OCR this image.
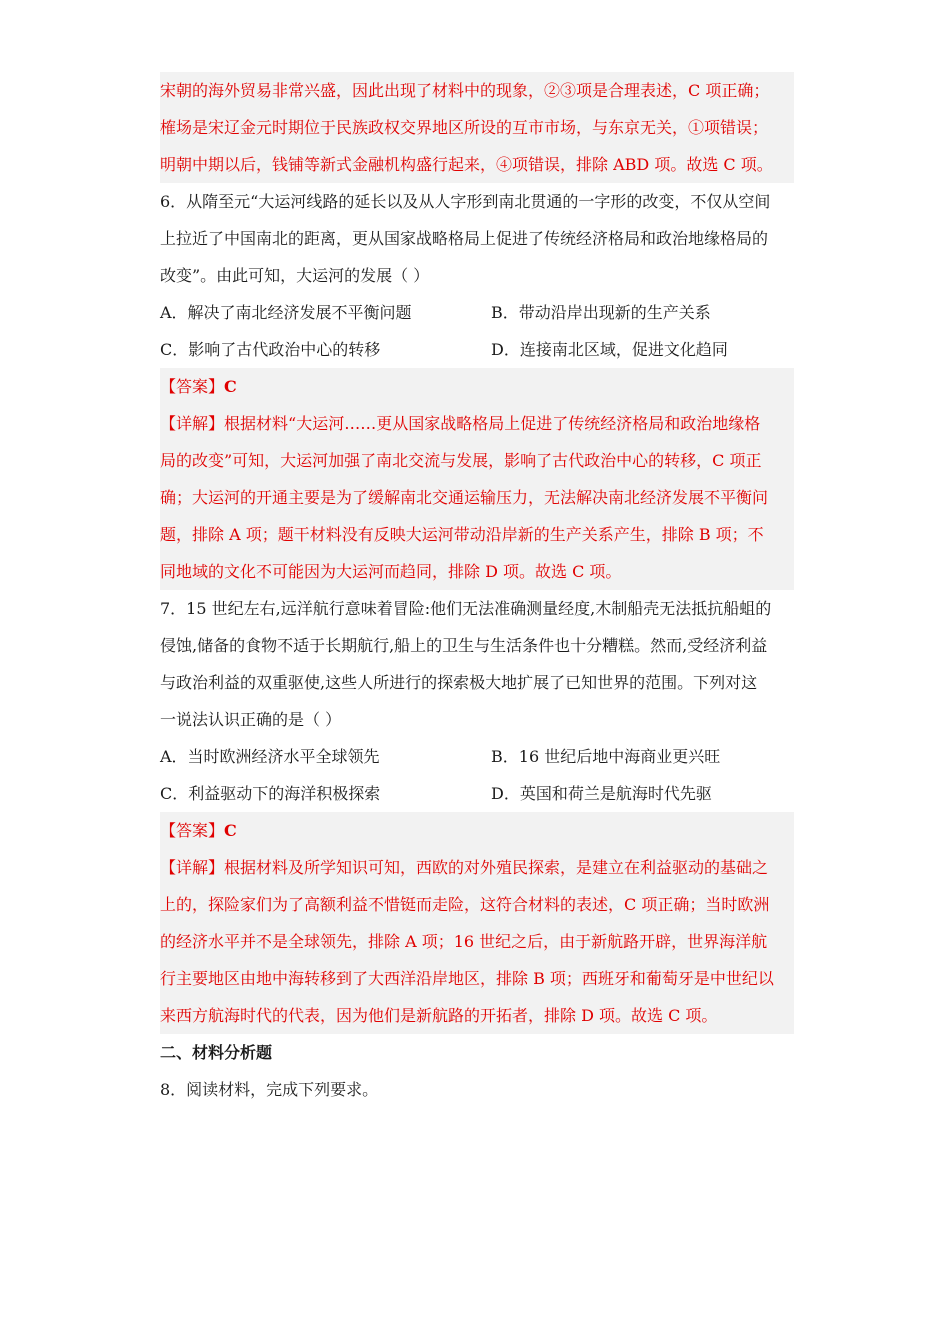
宋朝的海外贸易非常兴盛，因此出现了材料中的现象，②③项是合理表述，C 项正确；
榷场是宋辽金元时期位于民族政权交界地区所设的互市市场，与东京无关，①项错误；
明朝中期以后，钱铺等新式金融机构盛行起来，④项错误，排除 ABD 项。故选 C 项。
6．从隋至元“大运河线路的延长以及从人字形到南北贯通的一字形的改变，不仅从空间
上拉近了中国南北的距离，更从国家战略格局上促进了传统经济格局和政治地缘格局的
改变”。由此可知，大运河的发展（ ）
A．解决了南北经济发展不平衡问题	B．带动沿岸出现新的生产关系
C．影响了古代政治中心的转移	D．连接南北区域，促进文化趋同
【答案】C
【详解】根据材料“大运河……更从国家战略格局上促进了传统经济格局和政治地缘格
局的改变”可知，大运河加强了南北交流与发展，影响了古代政治中心的转移，C 项正
确；大运河的开通主要是为了缓解南北交通运输压力，无法解决南北经济发展不平衡问
题，排除 A 项；题干材料没有反映大运河带动沿岸新的生产关系产生，排除 B 项；不
同地域的文化不可能因为大运河而趋同，排除 D 项。故选 C 项。
7．15 世纪左右,远洋航行意味着冒险:他们无法准确测量经度,木制船壳无法抵抗船蛆的
侵蚀,储备的食物不适于长期航行,船上的卫生与生活条件也十分糟糕。然而,受经济利益
与政治利益的双重驱使,这些人所进行的探索极大地扩展了已知世界的范围。下列对这
一说法认识正确的是（ ）
A．当时欧洲经济水平全球领先	B．16 世纪后地中海商业更兴旺
C．利益驱动下的海洋积极探索	D．英国和荷兰是航海时代先驱
【答案】C
【详解】根据材料及所学知识可知，西欧的对外殖民探索，是建立在利益驱动的基础之
上的，探险家们为了高额利益不惜铤而走险，这符合材料的表述，C 项正确；当时欧洲
的经济水平并不是全球领先，排除 A 项；16 世纪之后，由于新航路开辟，世界海洋航
行主要地区由地中海转移到了大西洋沿岸地区，排除 B 项；西班牙和葡萄牙是中世纪以
来西方航海时代的代表，因为他们是新航路的开拓者，排除 D 项。故选 C 项。
二、材料分析题
8．阅读材料，完成下列要求。
